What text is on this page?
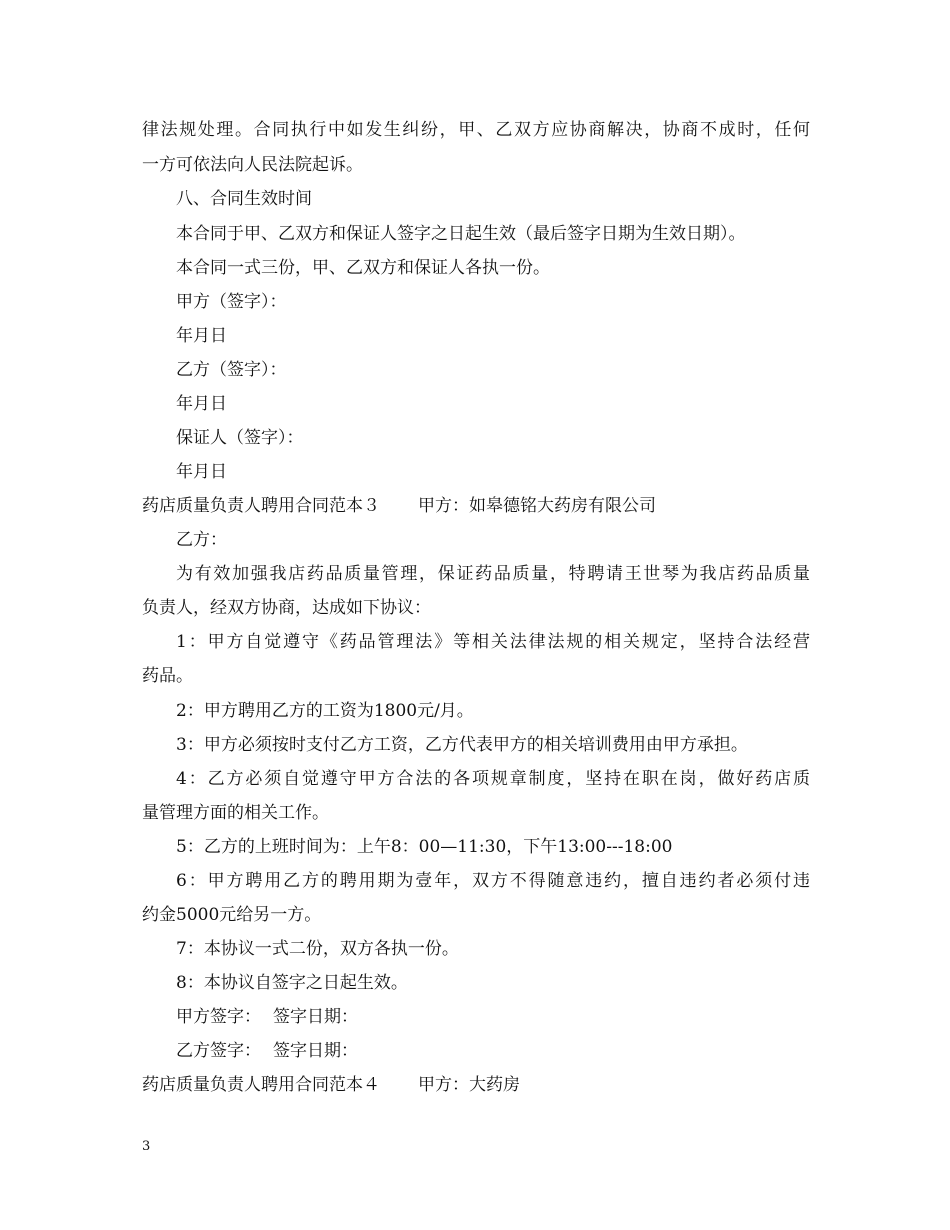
律法规处理。合同执行中如发生纠纷，甲、乙双方应协商解决，协商不成时，任何
一方可依法向人民法院起诉。
八、合同生效时间
本合同于甲、乙双方和保证人签字之日起生效（最后签字日期为生效日期）。
本合同一式三份，甲、乙双方和保证人各执一份。
甲方（签字）：
年月日
乙方（签字）：
年月日
保证人（签字）：
年月日
药店质量负责人聘用合同范本３ 甲方：如皋德铭大药房有限公司
乙方：
为有效加强我店药品质量管理，保证药品质量，特聘请王世琴为我店药品质量
负责人，经双方协商，达成如下协议：
1：甲方自觉遵守《药品管理法》等相关法律法规的相关规定，坚持合法经营
药品。
2：甲方聘用乙方的工资为1800元/月。
3：甲方必须按时支付乙方工资，乙方代表甲方的相关培训费用由甲方承担。
4：乙方必须自觉遵守甲方合法的各项规章制度，坚持在职在岗，做好药店质
量管理方面的相关工作。
5：乙方的上班时间为：上午8：00—11:30，下午13:00---18:00
6：甲方聘用乙方的聘用期为壹年，双方不得随意违约，擅自违约者必须付违
约金5000元给另一方。
7：本协议一式二份，双方各执一份。
8：本协议自签字之日起生效。
甲方签字： 签字日期：
乙方签字： 签字日期：
药店质量负责人聘用合同范本４ 甲方：大药房
3
